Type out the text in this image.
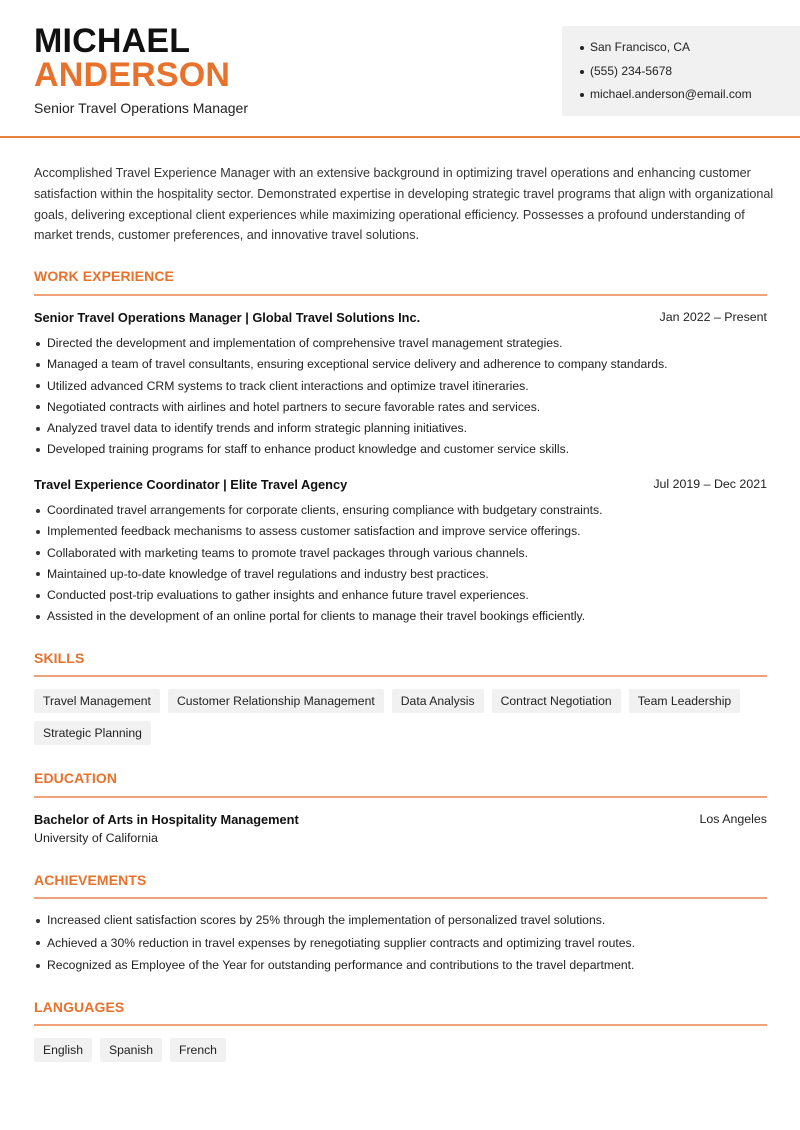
MICHAEL
ANDERSON
Senior Travel Operations Manager
San Francisco, CA
(555) 234-5678
michael.anderson@email.com

Accomplished Travel Experience Manager with an extensive background in optimizing travel operations and enhancing customer satisfaction within the hospitality sector. Demonstrated expertise in developing strategic travel programs that align with organizational goals, delivering exceptional client experiences while maximizing operational efficiency. Possesses a profound understanding of market trends, customer preferences, and innovative travel solutions.

WORK EXPERIENCE
Senior Travel Operations Manager | Global Travel Solutions Inc.	Jan 2022 – Present
Directed the development and implementation of comprehensive travel management strategies.
Managed a team of travel consultants, ensuring exceptional service delivery and adherence to company standards.
Utilized advanced CRM systems to track client interactions and optimize travel itineraries.
Negotiated contracts with airlines and hotel partners to secure favorable rates and services.
Analyzed travel data to identify trends and inform strategic planning initiatives.
Developed training programs for staff to enhance product knowledge and customer service skills.
Travel Experience Coordinator | Elite Travel Agency	Jul 2019 – Dec 2021
Coordinated travel arrangements for corporate clients, ensuring compliance with budgetary constraints.
Implemented feedback mechanisms to assess customer satisfaction and improve service offerings.
Collaborated with marketing teams to promote travel packages through various channels.
Maintained up-to-date knowledge of travel regulations and industry best practices.
Conducted post-trip evaluations to gather insights and enhance future travel experiences.
Assisted in the development of an online portal for clients to manage their travel bookings efficiently.
SKILLS
Travel Management	Customer Relationship Management	Data Analysis	Contract Negotiation	Team Leadership
Strategic Planning
EDUCATION
Bachelor of Arts in Hospitality Management	Los Angeles
University of California
ACHIEVEMENTS
Increased client satisfaction scores by 25% through the implementation of personalized travel solutions.
Achieved a 30% reduction in travel expenses by renegotiating supplier contracts and optimizing travel routes.
Recognized as Employee of the Year for outstanding performance and contributions to the travel department.
LANGUAGES
English	Spanish	French
